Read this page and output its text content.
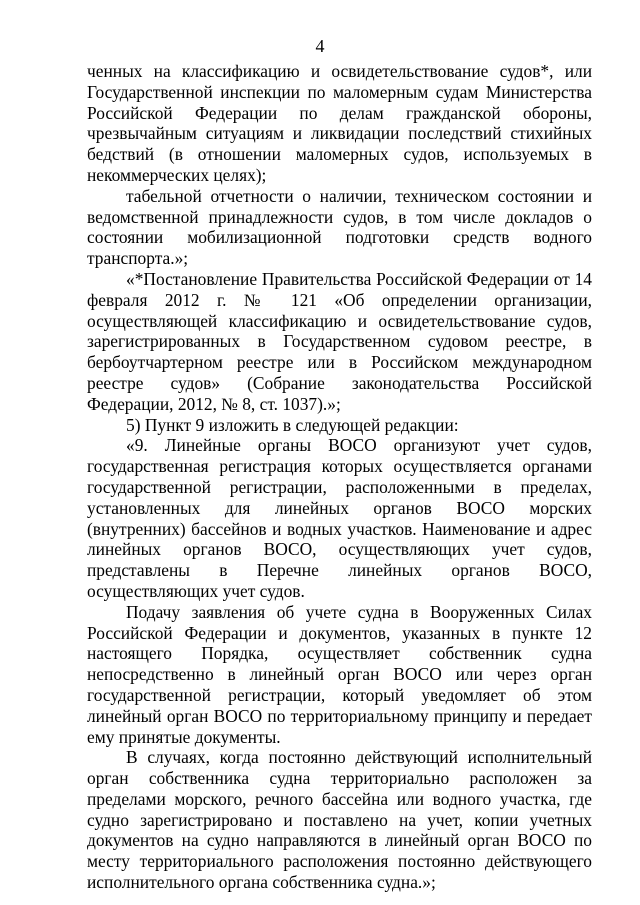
4

ченных на классификацию и освидетельствование судов*, или Государственной инспекции по маломерным судам Министерства Российской Федерации по делам гражданской обороны, чрезвычайным ситуациям и ликвидации последствий стихийных бедствий (в отношении маломерных судов, используемых в некоммерческих целях);

табельной отчетности о наличии, техническом состоянии и ведомственной принадлежности судов, в том числе докладов о состоянии мобилизационной подготовки средств водного транспорта.»;

«*Постановление Правительства Российской Федерации от 14 февраля 2012 г. № 121 «Об определении организации, осуществляющей классификацию и освидетельствование судов, зарегистрированных в Государственном судовом реестре, в бербоутчартерном реестре или в Российском международном реестре судов» (Собрание законодательства Российской Федерации, 2012, № 8, ст. 1037).»;

5) Пункт 9 изложить в следующей редакции:

«9. Линейные органы ВОСО организуют учет судов, государственная регистрация которых осуществляется органами государственной регистрации, расположенными в пределах, установленных для линейных органов ВОСО морских (внутренних) бассейнов и водных участков. Наименование и адрес линейных органов ВОСО, осуществляющих учет судов, представлены в Перечне линейных органов ВОСО, осуществляющих учет судов.

Подачу заявления об учете судна в Вооруженных Силах Российской Федерации и документов, указанных в пункте 12 настоящего Порядка, осуществляет собственник судна непосредственно в линейный орган ВОСО или через орган государственной регистрации, который уведомляет об этом линейный орган ВОСО по территориальному принципу и передает ему принятые документы.

В случаях, когда постоянно действующий исполнительный орган собственника судна территориально расположен за пределами морского, речного бассейна или водного участка, где судно зарегистрировано и поставлено на учет, копии учетных документов на судно направляются в линейный орган ВОСО по месту территориального расположения постоянно действующего исполнительного органа собственника судна.»;
